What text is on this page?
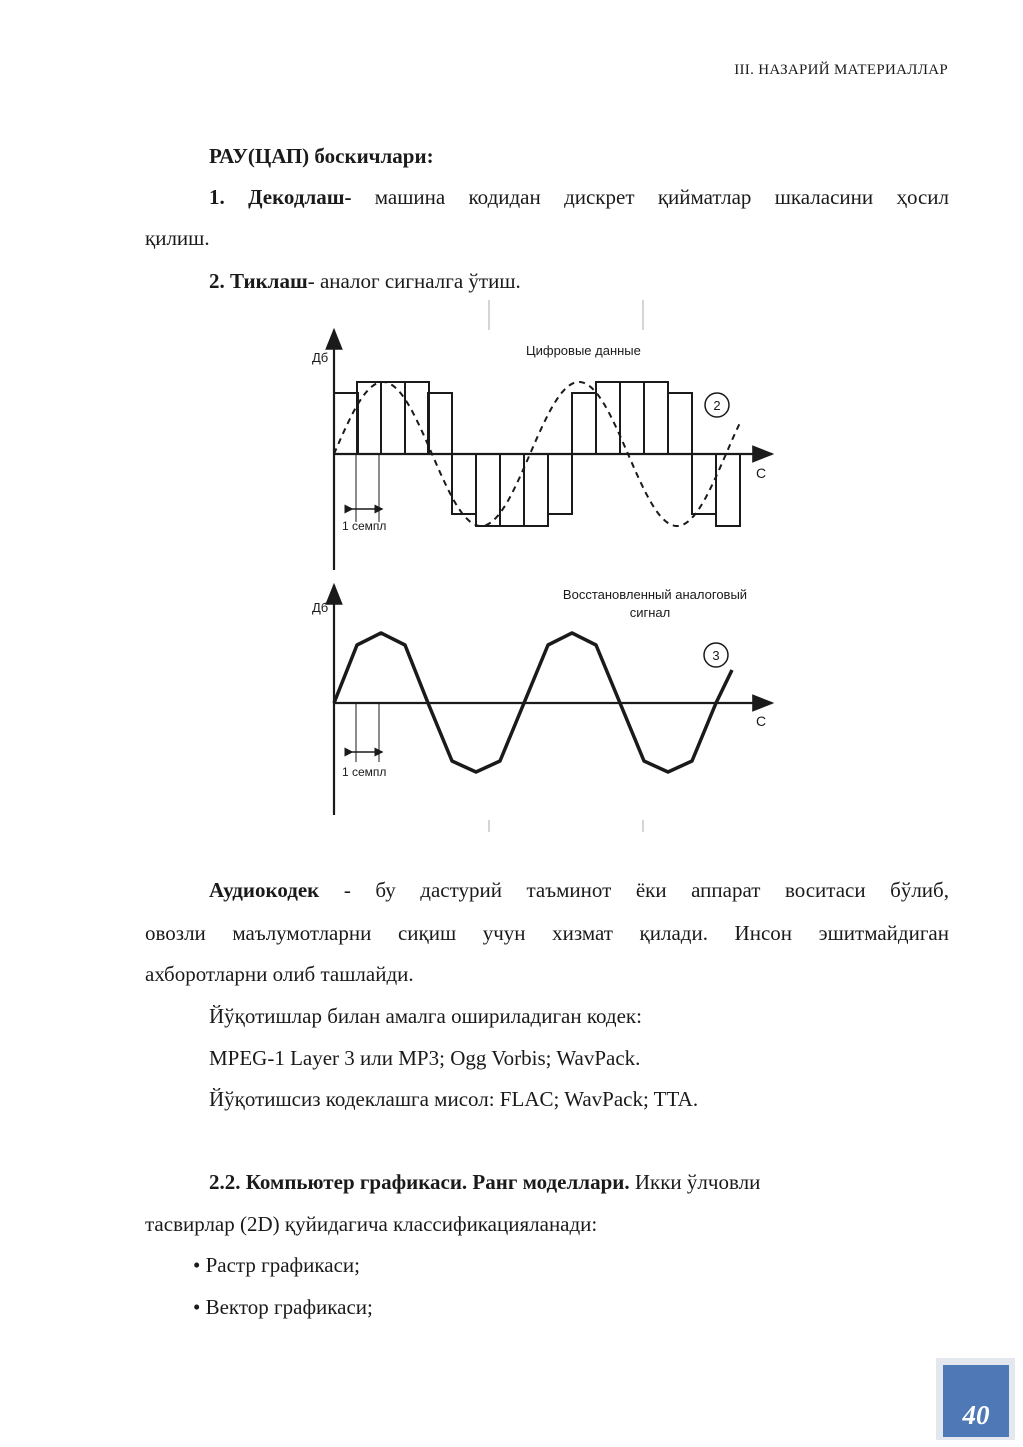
III. НАЗАРИЙ МАТЕРИАЛЛАР
РАУ(ЦАП) боскичлари:
1. Декодлаш- машина кодидан дискрет қийматлар шкаласини ҳосил
қилиш.
2. Тиклаш- аналог сигналга ўтиш.
Дб
С
Цифровые данные
2
1 семпл
Дб
С
Восстановленный аналоговый
сигнал
3
1 семпл
Аудиокодек - бу дастурий таъминот ёки аппарат воситаси бўлиб,
овозли маълумотларни сиқиш учун хизмат қилади. Инсон эшитмайдиган
ахборотларни олиб ташлайди.
Йўқотишлар билан амалга ошириладиган кодек:
MPEG-1 Layer 3 или MP3; Ogg Vorbis; WavPack.
Йўқотишсиз кодеклашга мисол: FLAC; WavPack; TTA.
2.2. Компьютер графикаси. Ранг моделлари. Икки ўлчовли
тасвирлар (2D) қуйидагича классификацияланади:
• Растр графикаси;
• Вектор графикаси;
40
